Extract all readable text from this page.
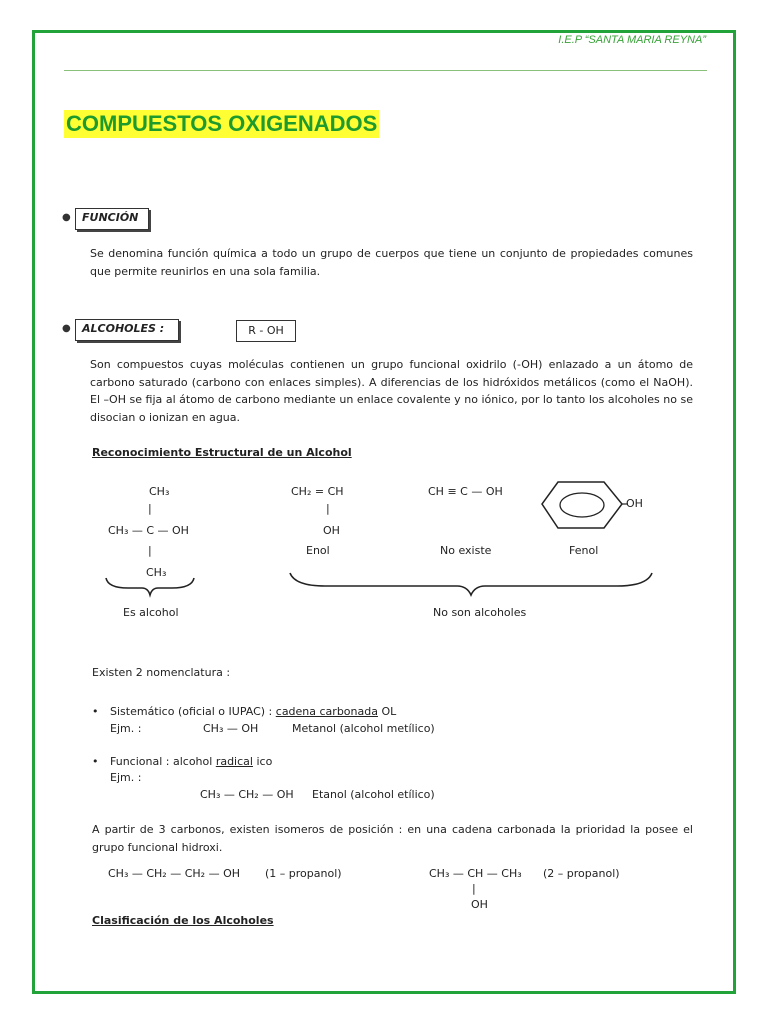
I.E.P “SANTA MARIA REYNA”
COMPUESTOS OXIGENADOS
●	FUNCIÓN
Se denomina función química a todo un grupo de cuerpos que tiene un conjunto de propiedades comunes que permite reunirlos en una sola familia.
●	ALCOHOLES :	R - OH
Son compuestos cuyas moléculas contienen un grupo funcional oxidrilo (-OH) enlazado a un átomo de carbono saturado (carbono con enlaces simples). A diferencias de los hidróxidos metálicos (como el NaOH). El –OH se fija al átomo de carbono mediante un enlace covalente y no iónico, por lo tanto los alcoholes no se disocian o ionizan en agua.
Reconocimiento Estructural de un Alcohol
CH₃
|
CH₃ — C — OH
|
CH₃
CH₂ = CH
|
OH
Enol
CH ≡ C — OH
No existe
OH
Fenol
Es alcohol	No son alcoholes
Existen 2 nomenclatura :
• Sistemático (oficial o IUPAC) : cadena carbonada OL
Ejm. :	CH₃ — OH	Metanol (alcohol metílico)
• Funcional : alcohol radical ico
Ejm. :
CH₃ — CH₂ — OH Etanol (alcohol etílico)
A partir de 3 carbonos, existen isomeros de posición : en una cadena carbonada la prioridad la posee el grupo funcional hidroxi.
CH₃ — CH₂ — CH₂ — OH (1 – propanol)	CH₃ — CH — CH₃ (2 – propanol)
|
OH
Clasificación de los Alcoholes
